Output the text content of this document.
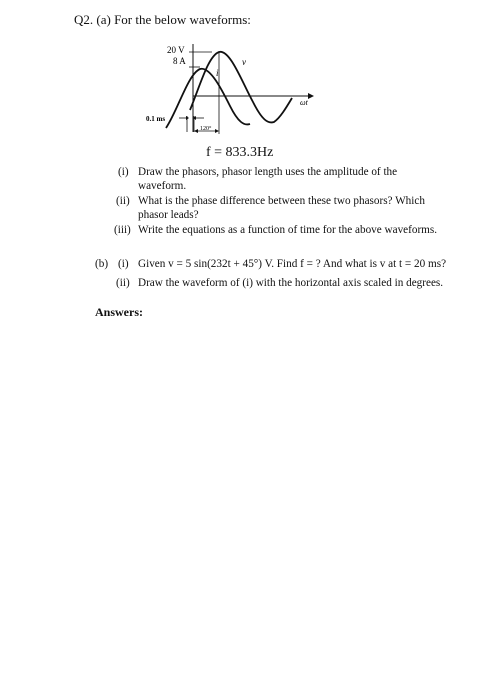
Q2. (a) For the below waveforms:
20 V
8 A	v
i
ωt
0.1 ms
120°
f = 833.3Hz
(i) Draw the phasors, phasor length uses the amplitude of the
waveform.
(ii) What is the phase difference between these two phasors? Which
phasor leads?
(iii) Write the equations as a function of time for the above waveforms.
(b) (i) Given v = 5 sin(232t + 45°) V. Find f = ? And what is v at t = 20 ms?
(ii) Draw the waveform of (i) with the horizontal axis scaled in degrees.
Answers:
